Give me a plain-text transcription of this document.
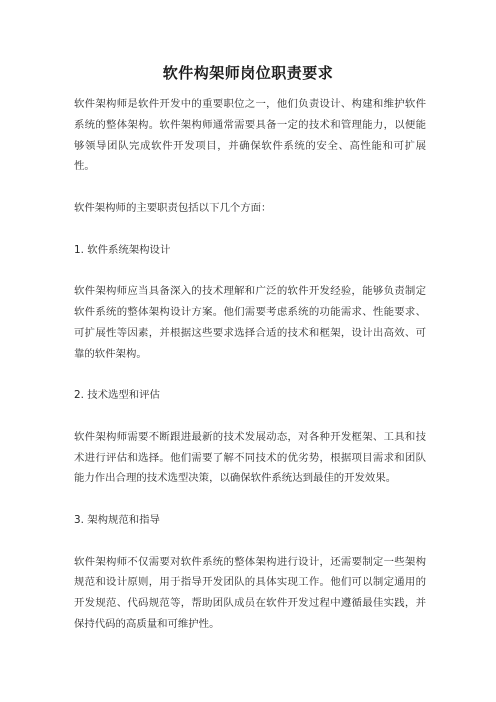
软件构架师岗位职责要求

软件架构师是软件开发中的重要职位之一，他们负责设计、构建和维护软件系统的整体架构。软件架构师通常需要具备一定的技术和管理能力，以便能够领导团队完成软件开发项目，并确保软件系统的安全、高性能和可扩展性。

软件架构师的主要职责包括以下几个方面：

1. 软件系统架构设计

软件架构师应当具备深入的技术理解和广泛的软件开发经验，能够负责制定软件系统的整体架构设计方案。他们需要考虑系统的功能需求、性能要求、可扩展性等因素，并根据这些要求选择合适的技术和框架，设计出高效、可靠的软件架构。

2. 技术选型和评估

软件架构师需要不断跟进最新的技术发展动态，对各种开发框架、工具和技术进行评估和选择。他们需要了解不同技术的优劣势，根据项目需求和团队能力作出合理的技术选型决策，以确保软件系统达到最佳的开发效果。

3. 架构规范和指导

软件架构师不仅需要对软件系统的整体架构进行设计，还需要制定一些架构规范和设计原则，用于指导开发团队的具体实现工作。他们可以制定通用的开发规范、代码规范等，帮助团队成员在软件开发过程中遵循最佳实践，并保持代码的高质量和可维护性。
